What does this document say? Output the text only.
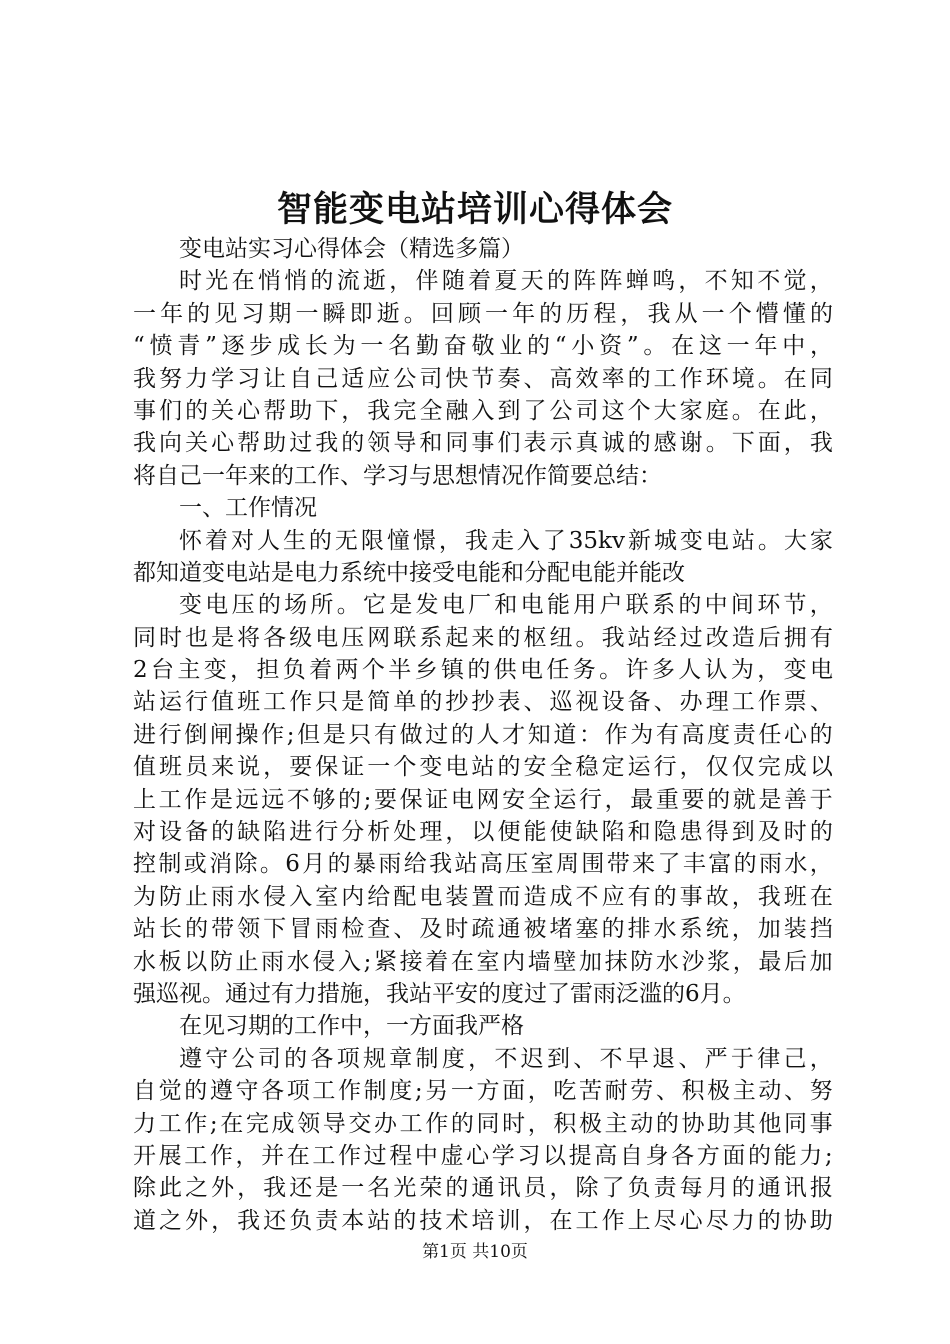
智能变电站培训心得体会
变电站实习心得体会（精选多篇）
时 光 在 悄 悄 的 流 逝 ， 伴 随 着 夏 天 的 阵 阵 蝉 鸣 ， 不 知 不 觉 ，
一 年 的 见 习 期 一 瞬 即 逝 。 回 顾 一 年 的 历 程 ， 我 从 一 个 懵 懂 的
“ 愤 青 ” 逐 步 成 长 为 一 名 勤 奋 敬 业 的 “ 小 资 ” 。 在 这 一 年 中 ，
我 努 力 学 习 让 自 己 适 应 公 司 快 节 奏 、 高 效 率 的 工 作 环 境 。 在 同
事 们 的 关 心 帮 助 下 ， 我 完 全 融 入 到 了 公 司 这 个 大 家 庭 。 在 此 ，
我 向 关 心 帮 助 过 我 的 领 导 和 同 事 们 表 示 真 诚 的 感 谢 。 下 面 ， 我
将自己一年来的工作、学习与思想情况作简要总结：
一、工作情况
怀 着 对 人 生 的 无 限 憧 憬 ， 我 走 入 了 35kv 新 城 变 电 站 。 大 家
都知道变电站是电力系统中接受电能和分配电能并能改
变 电 压 的 场 所 。 它 是 发 电 厂 和 电 能 用 户 联 系 的 中 间 环 节 ，
同 时 也 是 将 各 级 电 压 网 联 系 起 来 的 枢 纽 。 我 站 经 过 改 造 后 拥 有
2 台 主 变 ， 担 负 着 两 个 半 乡 镇 的 供 电 任 务 。 许 多 人 认 为 ， 变 电
站 运 行 值 班 工 作 只 是 简 单 的 抄 抄 表 、 巡 视 设 备 、 办 理 工 作 票 、
进 行 倒 闸 操 作 ; 但 是 只 有 做 过 的 人 才 知 道 ： 作 为 有 高 度 责 任 心 的
值 班 员 来 说 ， 要 保 证 一 个 变 电 站 的 安 全 稳 定 运 行 ， 仅 仅 完 成 以
上 工 作 是 远 远 不 够 的 ; 要 保 证 电 网 安 全 运 行 ， 最 重 要 的 就 是 善 于
对 设 备 的 缺 陷 进 行 分 析 处 理 ， 以 便 能 使 缺 陷 和 隐 患 得 到 及 时 的
控 制 或 消 除 。 6 月 的 暴 雨 给 我 站 高 压 室 周 围 带 来 了 丰 富 的 雨 水 ，
为 防 止 雨 水 侵 入 室 内 给 配 电 装 置 而 造 成 不 应 有 的 事 故 ， 我 班 在
站 长 的 带 领 下 冒 雨 检 查 、 及 时 疏 通 被 堵 塞 的 排 水 系 统 ， 加 装 挡
水 板 以 防 止 雨 水 侵 入 ; 紧 接 着 在 室 内 墙 壁 加 抹 防 水 沙 浆 ， 最 后 加
强巡视。通过有力措施，我站平安的度过了雷雨泛滥的6月。
在见习期的工作中，一方面我严格
遵 守 公 司 的 各 项 规 章 制 度 ， 不 迟 到 、 不 早 退 、 严 于 律 己 ，
自 觉 的 遵 守 各 项 工 作 制 度 ; 另 一 方 面 ， 吃 苦 耐 劳 、 积 极 主 动 、 努
力 工 作 ; 在 完 成 领 导 交 办 工 作 的 同 时 ， 积 极 主 动 的 协 助 其 他 同 事
开 展 工 作 ， 并 在 工 作 过 程 中 虚 心 学 习 以 提 高 自 身 各 方 面 的 能 力 ;
除 此 之 外 ， 我 还 是 一 名 光 荣 的 通 讯 员 ， 除 了 负 责 每 月 的 通 讯 报
道 之 外 ， 我 还 负 责 本 站 的 技 术 培 训 ， 在 工 作 上 尽 心 尽 力 的 协 助
第1页 共10页
